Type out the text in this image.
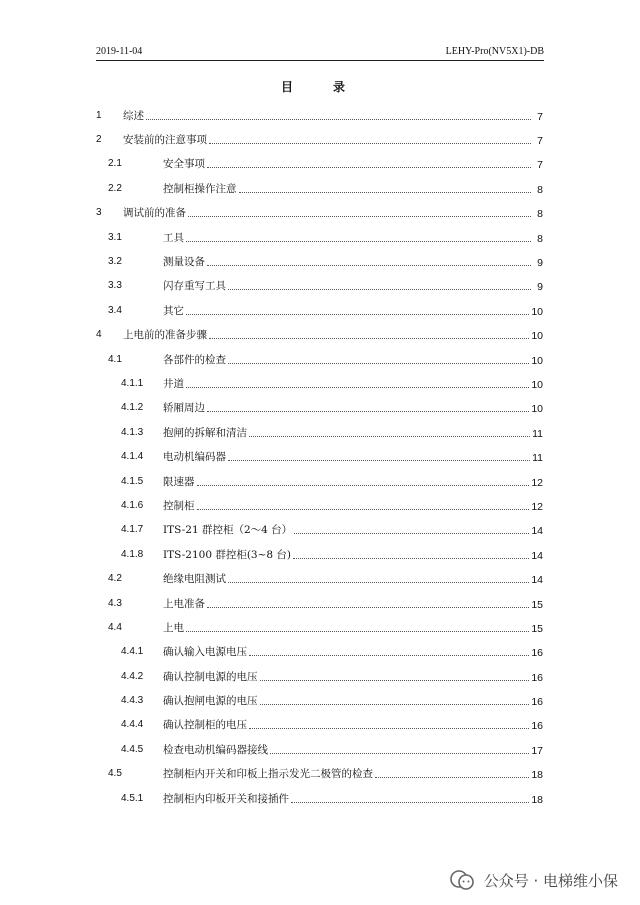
2019-11-04	LEHY-Pro(NV5X1)-DB
目　录
1 综述	7
2 安装前的注意事项	7
2.1	安全事项	7
2.2	控制柜操作注意	8
3 调试前的准备	8
3.1	工具	8
3.2	测量设备	9
3.3	闪存重写工具	9
3.4	其它	10
4 上电前的准备步骤	10
4.1	各部件的检查	10
4.1.1 井道	10
4.1.2 轿厢周边	10
4.1.3 抱闸的拆解和清洁	11
4.1.4 电动机编码器	11
4.1.5 限速器	12
4.1.6 控制柜	12
4.1.7 ITS-21 群控柜（2～4 台）	14
4.1.8 ITS-2100 群控柜(3~8 台)	14
4.2	绝缘电阻测试	14
4.3	上电准备	15
4.4	上电	15
4.4.1 确认输入电源电压	16
4.4.2 确认控制电源的电压	16
4.4.3 确认抱闸电源的电压	16
4.4.4 确认控制柜的电压	16
4.4.5 检查电动机编码器接线	17
4.5	控制柜内开关和印板上指示发光二极管的检查	18
4.5.1 控制柜内印板开关和接插件	18
公众号 · 电梯维小保
